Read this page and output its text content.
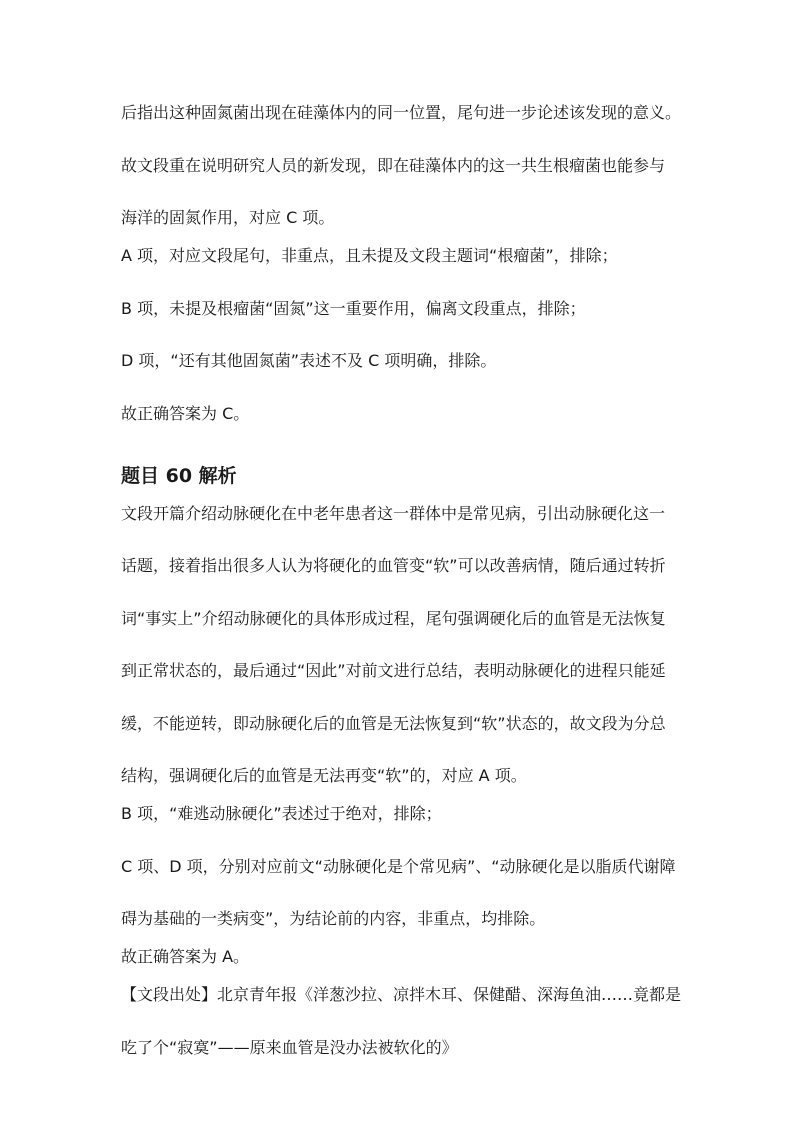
后指出这种固氮菌出现在硅藻体内的同一位置，尾句进一步论述该发现的意义。

故文段重在说明研究人员的新发现，即在硅藻体内的这一共生根瘤菌也能参与

海洋的固氮作用，对应 C 项。

A 项，对应文段尾句，非重点，且未提及文段主题词“根瘤菌”，排除；

B 项，未提及根瘤菌“固氮”这一重要作用，偏离文段重点，排除；

D 项，“还有其他固氮菌”表述不及 C 项明确，排除。

故正确答案为 C。

题目 60 解析

文段开篇介绍动脉硬化在中老年患者这一群体中是常见病，引出动脉硬化这一

话题，接着指出很多人认为将硬化的血管变“软”可以改善病情，随后通过转折

词“事实上”介绍动脉硬化的具体形成过程，尾句强调硬化后的血管是无法恢复

到正常状态的，最后通过“因此”对前文进行总结，表明动脉硬化的进程只能延

缓，不能逆转，即动脉硬化后的血管是无法恢复到“软”状态的，故文段为分总

结构，强调硬化后的血管是无法再变“软”的，对应 A 项。

B 项，“难逃动脉硬化”表述过于绝对，排除；

C 项、D 项，分别对应前文“动脉硬化是个常见病”、“动脉硬化是以脂质代谢障

碍为基础的一类病变”，为结论前的内容，非重点，均排除。

故正确答案为 A。

【文段出处】北京青年报《洋葱沙拉、凉拌木耳、保健醋、深海鱼油……竟都是

吃了个“寂寞”——原来血管是没办法被软化的》
